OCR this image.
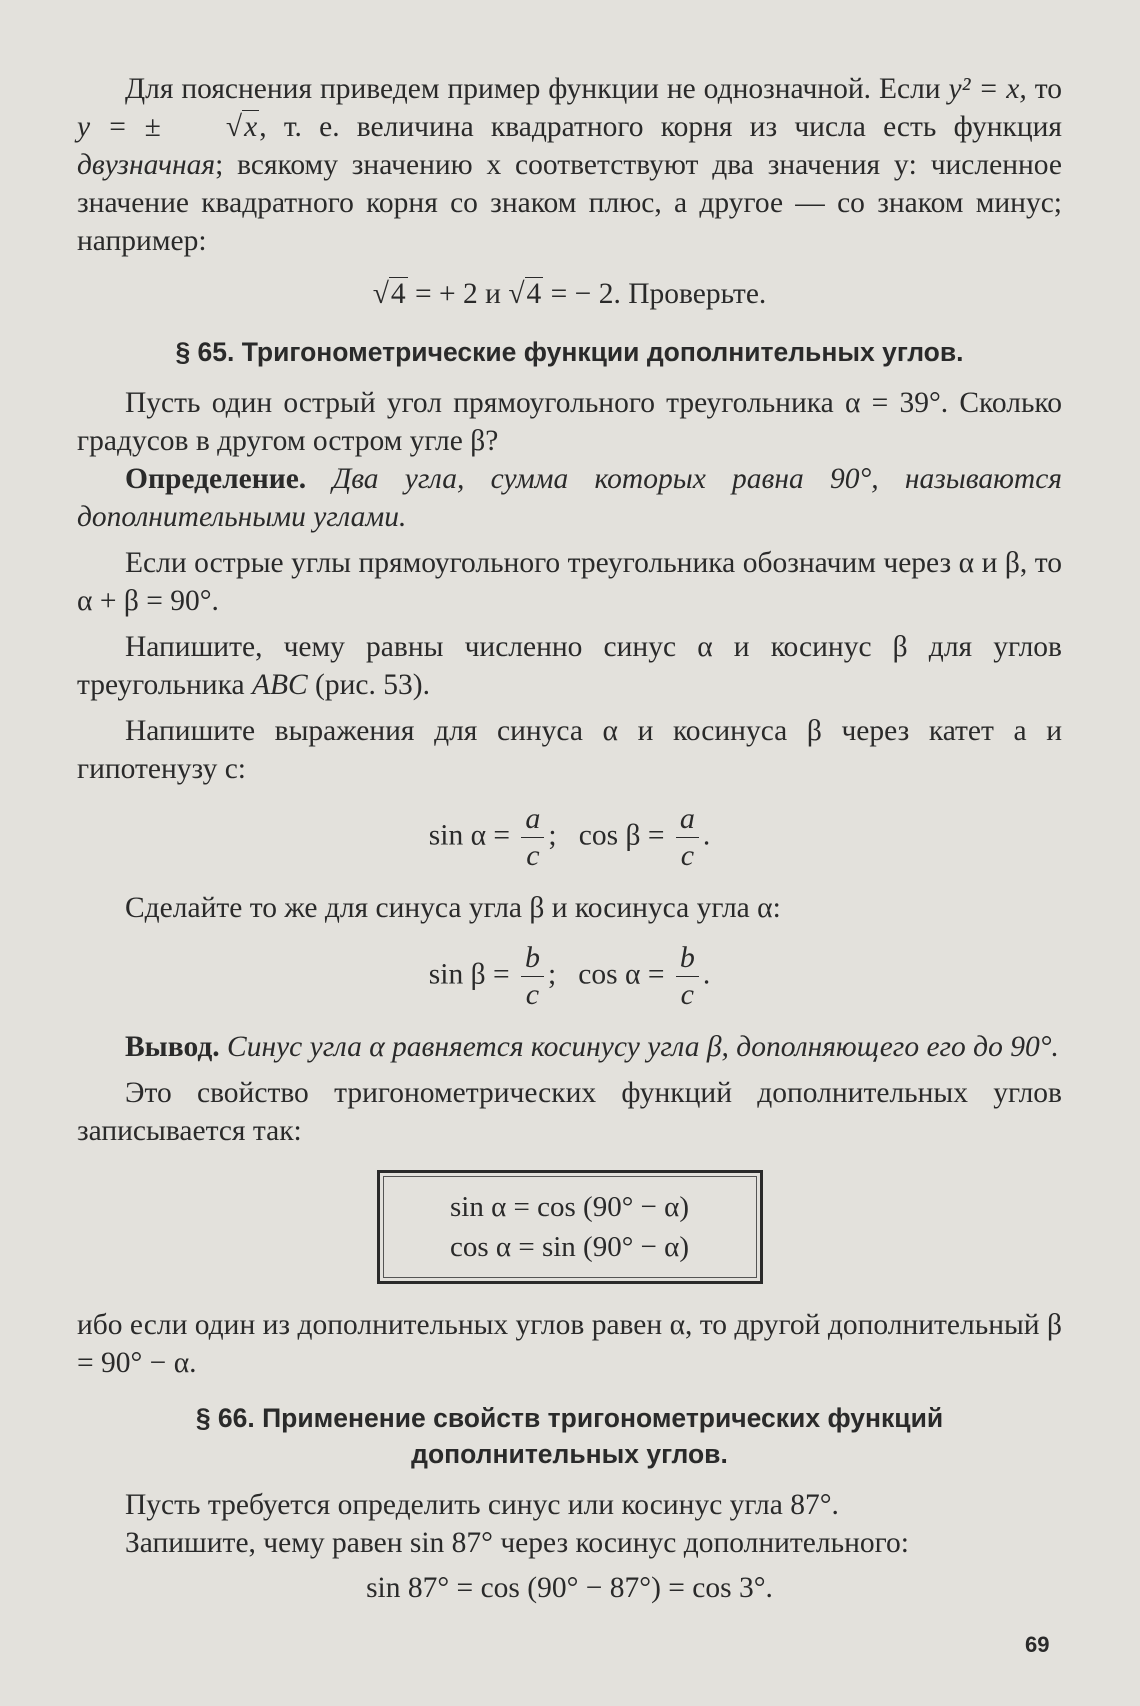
Для пояснения приведем пример функции не однозначной. Если y² = x, то y = ± √x, т. е. величина квадратного корня из числа есть функция двузначная; всякому значению x соответствуют два значения y: численное значение квадратного корня со знаком плюс, а другое — со знаком минус; например:

√4 = + 2 и √4 = − 2. Проверьте.
§ 65. Тригонометрические функции дополнительных углов.

Пусть один острый угол прямоугольного треугольника α = 39°. Сколько градусов в другом остром угле β?

Определение. Два угла, сумма которых равна 90°, называются дополнительными углами.

Если острые углы прямоугольного треугольника обозначим через α и β, то α + β = 90°.

Напишите, чему равны численно синус α и косинус β для углов треугольника ABC (рис. 53).

Напишите выражения для синуса α и косинуса β через катет a и гипотенузу c:

$\sin \alpha = \frac{a}{c}$ ; $\cos \beta = \frac{a}{c}$ .

Сделайте то же для синуса угла β и косинуса угла α:

$\sin \beta = \frac{b}{c}$ ; $\cos \alpha = \frac{b}{c}$ .

Вывод. Синус угла α равняется косинусу угла β, дополняющего его до 90°.

Это свойство тригонометрических функций дополнительных углов записывается так:

sin α = cos (90° − α)
cos α = sin (90° − α)

ибо если один из дополнительных углов равен α, то другой дополнительный β = 90° − α.

§ 66. Применение свойств тригонометрических функций
дополнительных углов.

Пусть требуется определить синус или косинус угла 87°.

Запишите, чему равен sin 87° через косинус дополнительного:

sin 87° = cos (90° − 87°) = cos 3°.
69
